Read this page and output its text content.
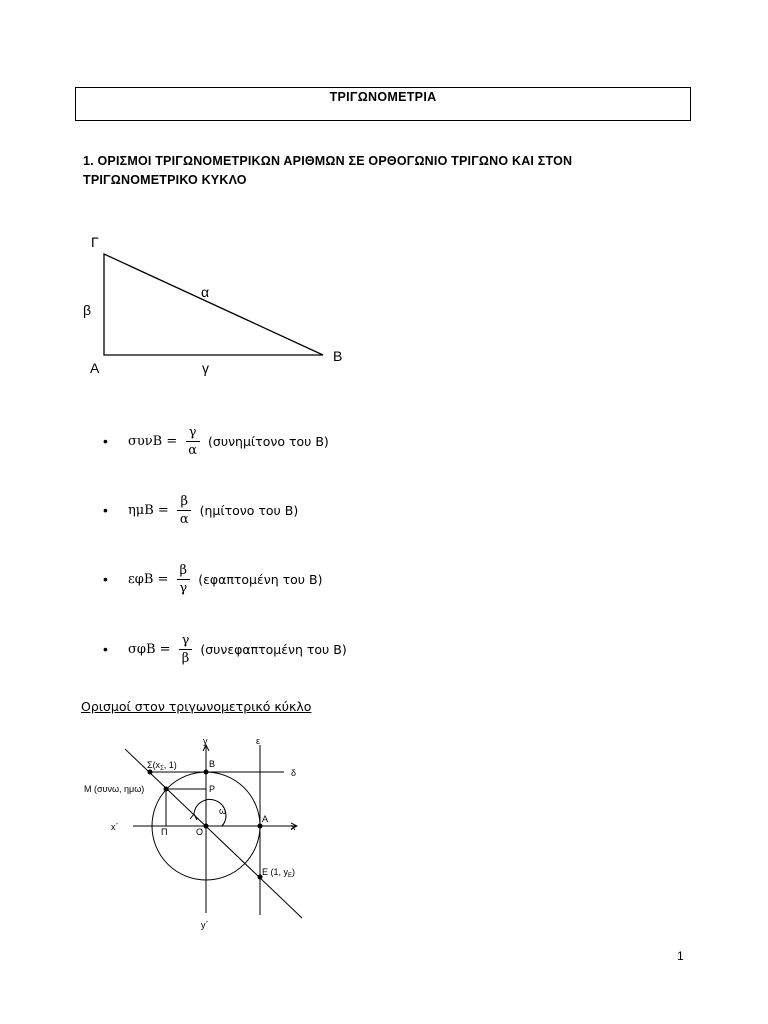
ΤΡΙΓΩΝΟΜΕΤΡΙΑ
1. ΟΡΙΣΜΟΙ ΤΡΙΓΩΝΟΜΕΤΡΙΚΩΝ ΑΡΙΘΜΩΝ ΣΕ ΟΡΘΟΓΩΝΙΟ ΤΡΙΓΩΝΟ ΚΑΙ ΣΤΟΝ
ΤΡΙΓΩΝΟΜΕΤΡΙΚΟ ΚΥΚΛΟ
Γ
Α
Β
α
β
γ
• $\sigma\upsilon\nu B = \frac{\gamma}{\alpha} (\sigma\upsilon\nu\eta\mu ί\tau o\nu o$ του Β)
• $\eta\mu B = \frac{\beta}{\alpha} (\eta\mu ί\tau o\nu o$ του Β)
• $\varepsilon\varphi B = \frac{\beta}{\gamma} (\varepsilon\varphi\alpha\pi\tau o\mu έ\nu\eta$ του Β)
• $\sigma\varphi B = \frac{\gamma}{\beta} (\sigma\upsilon\nu\varepsilon\varphi\alpha\pi\tau o\mu έ\nu\eta$ του Β)
Ορισμοί στον τριγωνομετρικό κύκλο
y
y΄
x
x΄
ε
δ
Β
Ρ
Π	Ο
Α
ω
$\Sigma(x_\Sigma$, 1)
Μ (συνω, ημω)
Ε (1, $y_E$)
1
